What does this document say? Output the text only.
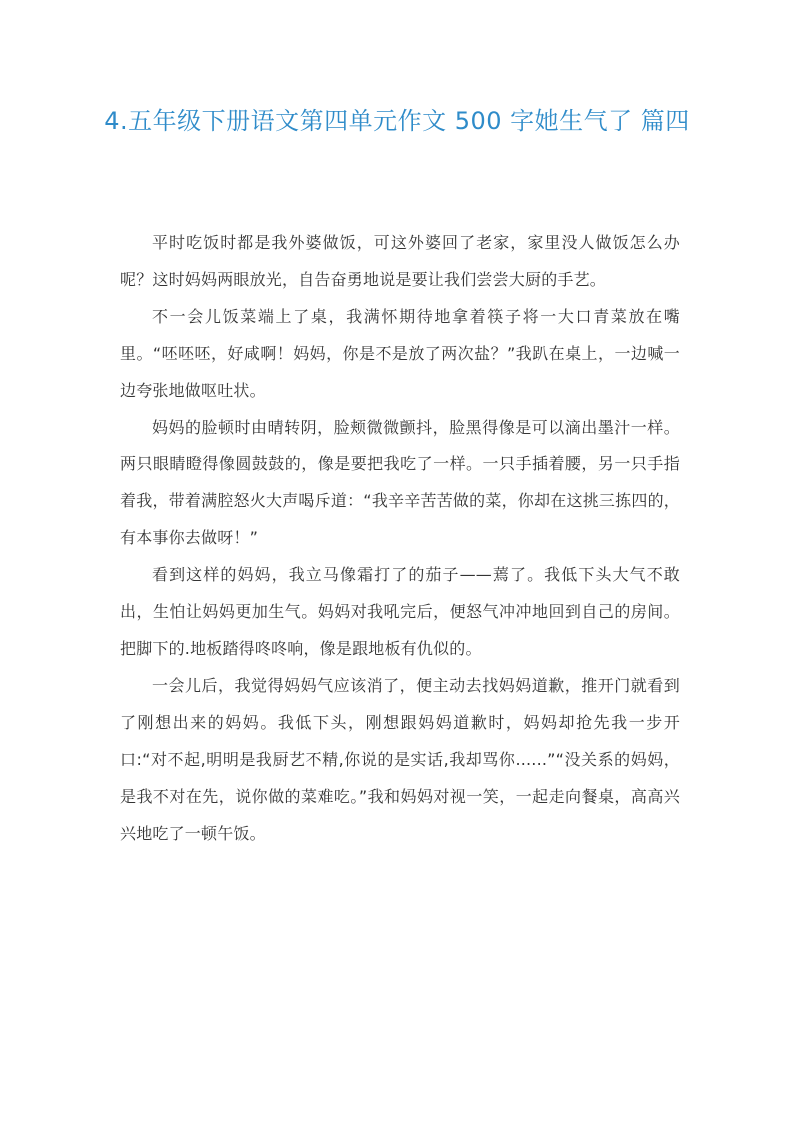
4.五年级下册语文第四单元作文 500 字她生气了 篇四

平时吃饭时都是我外婆做饭，可这外婆回了老家，家里没人做饭怎么办呢？这时妈妈两眼放光，自告奋勇地说是要让我们尝尝大厨的手艺。

不一会儿饭菜端上了桌，我满怀期待地拿着筷子将一大口青菜放在嘴里。“呸呸呸，好咸啊！妈妈，你是不是放了两次盐？”我趴在桌上，一边喊一边夸张地做呕吐状。

妈妈的脸顿时由晴转阴，脸颊微微颤抖，脸黑得像是可以滴出墨汁一样。两只眼睛瞪得像圆鼓鼓的，像是要把我吃了一样。一只手插着腰，另一只手指着我，带着满腔怒火大声喝斥道：“我辛辛苦苦做的菜，你却在这挑三拣四的，有本事你去做呀！”

看到这样的妈妈，我立马像霜打了的茄子——蔫了。我低下头大气不敢出，生怕让妈妈更加生气。妈妈对我吼完后，便怒气冲冲地回到自己的房间。把脚下的.地板踏得咚咚响，像是跟地板有仇似的。

一会儿后，我觉得妈妈气应该消了，便主动去找妈妈道歉，推开门就看到了刚想出来的妈妈。我低下头，刚想跟妈妈道歉时，妈妈却抢先我一步开口:“对不起,明明是我厨艺不精,你说的是实话,我却骂你......”“没关系的妈妈，是我不对在先，说你做的菜难吃。”我和妈妈对视一笑，一起走向餐桌，高高兴兴地吃了一顿午饭。
